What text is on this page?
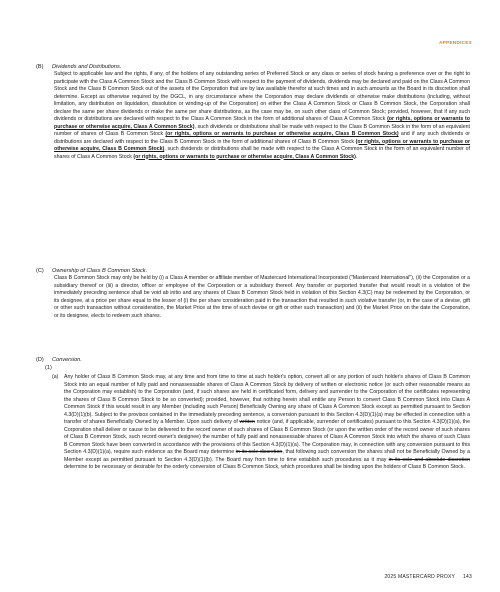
APPENDICES
(B) Dividends and Distributions.
Subject to applicable law and the rights, if any, of the holders of any outstanding series of Preferred Stock or any class or series of stock having a preference over or the right to participate with the Class A Common Stock and the Class B Common Stock with respect to the payment of dividends, dividends may be declared and paid on the Class A Common Stock and the Class B Common Stock out of the assets of the Corporation that are by law available therefor at such times and in such amounts as the Board in its discretion shall determine. Except as otherwise required by the DGCL, in any circumstance where the Corporation may declare dividends or otherwise make distributions (including, without limitation, any distribution on liquidation, dissolution or winding-up of the Corporation) on either the Class A Common Stock or Class B Common Stock, the Corporation shall declare the same per share dividends or make the same per share distributions, as the case may be, on such other class of Common Stock; provided, however, that if any such dividends or distributions are declared with respect to the Class A Common Stock in the form of additional shares of Class A Common Stock (or rights, options or warrants to purchase or otherwise acquire, Class A Common Stock), such dividends or distributions shall be made with respect to the Class B Common Stock in the form of an equivalent number of shares of Class B Common Stock (or rights, options or warrants to purchase or otherwise acquire, Class B Common Stock) and if any such dividends or distributions are declared with respect to the Class B Common Stock in the form of additional shares of Class B Common Stock (or rights, options or warrants to purchase or otherwise acquire, Class B Common Stock), such dividends or distributions shall be made with respect to the Class A Common Stock in the form of an equivalent number of shares of Class A Common Stock (or rights, options or warrants to purchase or otherwise acquire, Class A Common Stock).
(C) Ownership of Class B Common Stock.
Class B Common Stock may only be held by (i) a Class A member or affiliate member of Mastercard International Incorporated ("Mastercard International"), (ii) the Corporation or a subsidiary thereof or (iii) a director, officer or employee of the Corporation or a subsidiary thereof. Any transfer or purported transfer that would result in a violation of the immediately preceding sentence shall be void ab initio and any shares of Class B Common Stock held in violation of this Section 4.3(C) may be redeemed by the Corporation, or its designee, at a price per share equal to the lesser of (i) the per share consideration paid in the transaction that resulted in such violative transfer (or, in the case of a devise, gift or other such transaction without consideration, the Market Price at the time of such devise or gift or other such transaction) and (ii) the Market Price on the date the Corporation, or its designee, elects to redeem such shares.
(D) Conversion.
(1)
(a)	Any holder of Class B Common Stock may, at any time and from time to time at such holder's option, convert all or any portion of such holder's shares of Class B Common Stock into an equal number of fully paid and nonassessable shares of Class A Common Stock by delivery of written or electronic notice (or such other reasonable means as the Corporation may establish) to the Corporation (and, if such shares are held in certificated form, delivery and surrender to the Corporation of the certificates representing the shares of Class B Common Stock to be so converted); provided, however, that nothing herein shall entitle any Person to convert Class B Common Stock into Class A Common Stock if this would result in any Member (including such Person) Beneficially Owning any share of Class A Common Stock except as permitted pursuant to Section 4.3(D)(1)(b). Subject to the provisos contained in the immediately preceding sentence, a conversion pursuant to this Section 4.3(D)(1)(a) may be effected in connection with a transfer of shares Beneficially Owned by a Member. Upon such delivery of written notice (and, if applicable, surrender of certificates) pursuant to this Section 4.3(D)(1)(a), the Corporation shall deliver or cause to be delivered to the record owner of such shares of Class B Common Stock (or upon the written order of the record owner of such shares of Class B Common Stock, such record owner's designee) the number of fully paid and nonassessable shares of Class A Common Stock into which the shares of such Class B Common Stock have been converted in accordance with the provisions of this Section 4.3(D)(1)(a). The Corporation may, in connection with any conversion pursuant to this Section 4.3(D)(1)(a), require such evidence as the Board may determine in its sole discretion, that following such conversion the shares shall not be Beneficially Owned by a Member except as permitted pursuant to Section 4.3(D)(1)(b). The Board may from time to time establish such procedures as it may in its sole and absolute discretion determine to be necessary or desirable for the orderly conversion of Class B Common Stock, which procedures shall be binding upon the holders of Class B Common Stock.
2025 MASTERCARD PROXY 143
